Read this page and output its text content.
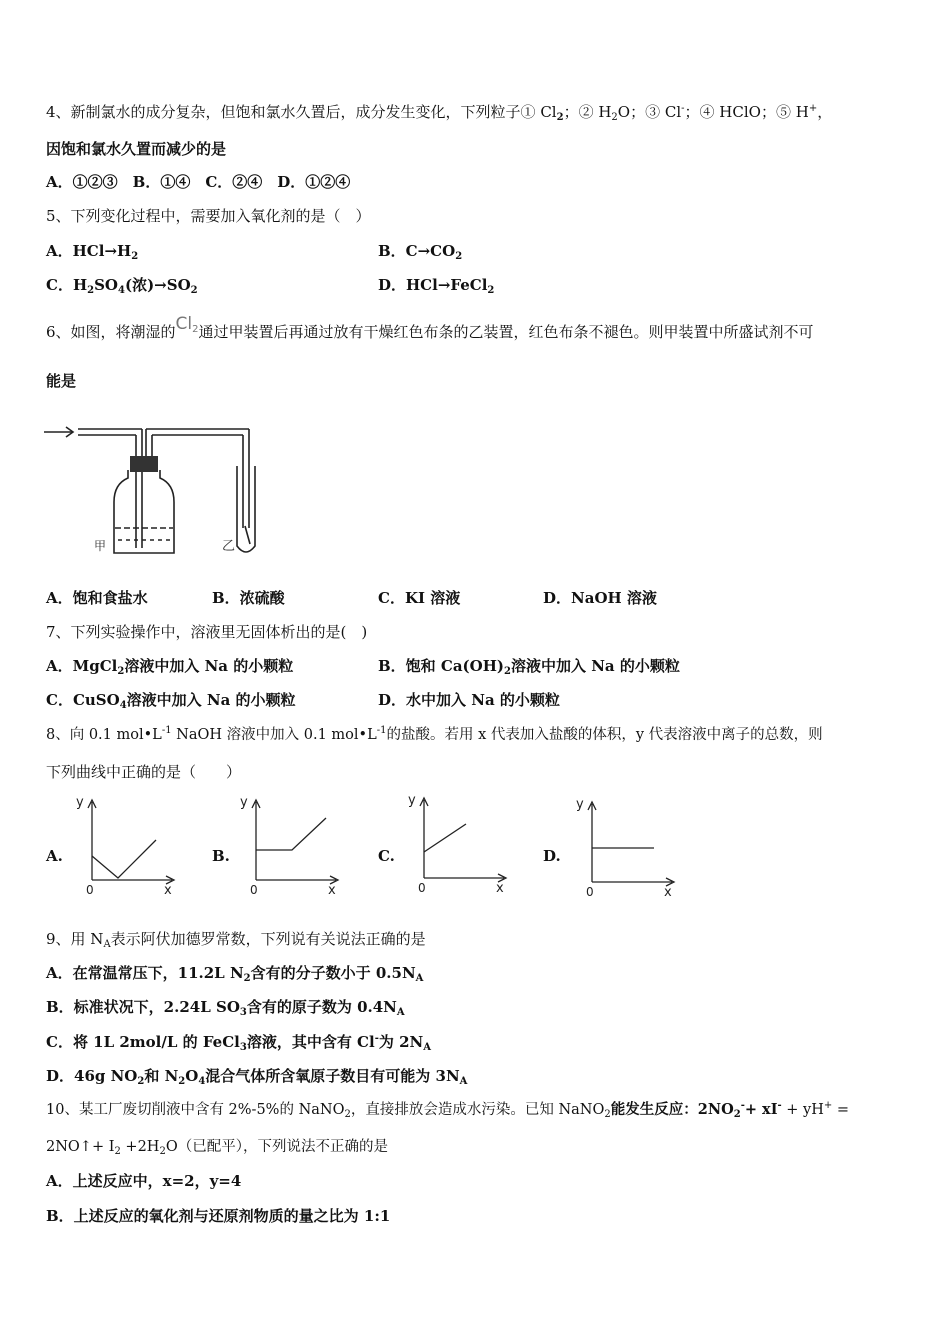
4、新制氯水的成分复杂，但饱和氯水久置后，成分发生变化，下列粒子① $Cl_2$；② $H_2O$；③ Cl-；④ HClO；⑤ H+，
因饱和氯水久置而减少的是
A．①②③　B．①④　C．②④　D．①②④
5、下列变化过程中，需要加入氧化剂的是（　）
A．$HCl\to H_2$	B．$C\to CO_2$
C．$H_2SO_4$(浓)$\to SO_2$	D．HCl→FeCl$_2$
6、如图，将潮湿的$Cl_2$通过甲装置后再通过放有干燥红色布条的乙装置，红色布条不褪色。则甲装置中所盛试剂不可
能是
甲	乙
A．饱和食盐水	B．浓硫酸	C．KI 溶液	D．NaOH 溶液
7、下列实验操作中，溶液里无固体析出的是(　)
A．MgCl$_2$溶液中加入 Na 的小颗粒	B．饱和 $Ca(OH)_2$溶液中加入 Na 的小颗粒
C．CuSO$_4$溶液中加入 Na 的小颗粒	D．水中加入 Na 的小颗粒
8、向 0.1 $mol•L^{-1}$ NaOH 溶液中加入 0.1 $mol•L^{-1}$的盐酸。若用 x 代表加入盐酸的体积，y 代表溶液中离子的总数，则
下列曲线中正确的是（　　）
A.
y
x
0
B.
y
x
0
C.
y
x
0
D.
y
x
0
9、用 $N_A$表示阿伏加德罗常数，下列说有关说法正确的是
A．在常温常压下，11.2L $N_2$含有的分子数小于 $0.5N_A$
B．标准状况下，2.24L $SO_3$含有的原子数为 $0.4N_A$
C．将 1L 2mol/L 的 FeCl$_3$溶液，其中含有 Cl-为 $2N_A$
D．46g $NO_2$和 $N_2O_4$混合气体所含氧原子数目有可能为 $3N_A$
10、某工厂废切削液中含有 2%-5%的 NaNO$_2$，直接排放会造成水污染。已知 NaNO$_2$能发生反应：$2NO_2^-+ xI^- + yH^+$ =
2NO↑+ $I_2 +2H_2O$（已配平），下列说法不正确的是
A．上述反应中，x=2，y=4
B．上述反应的氧化剂与还原剂物质的量之比为 1:1
